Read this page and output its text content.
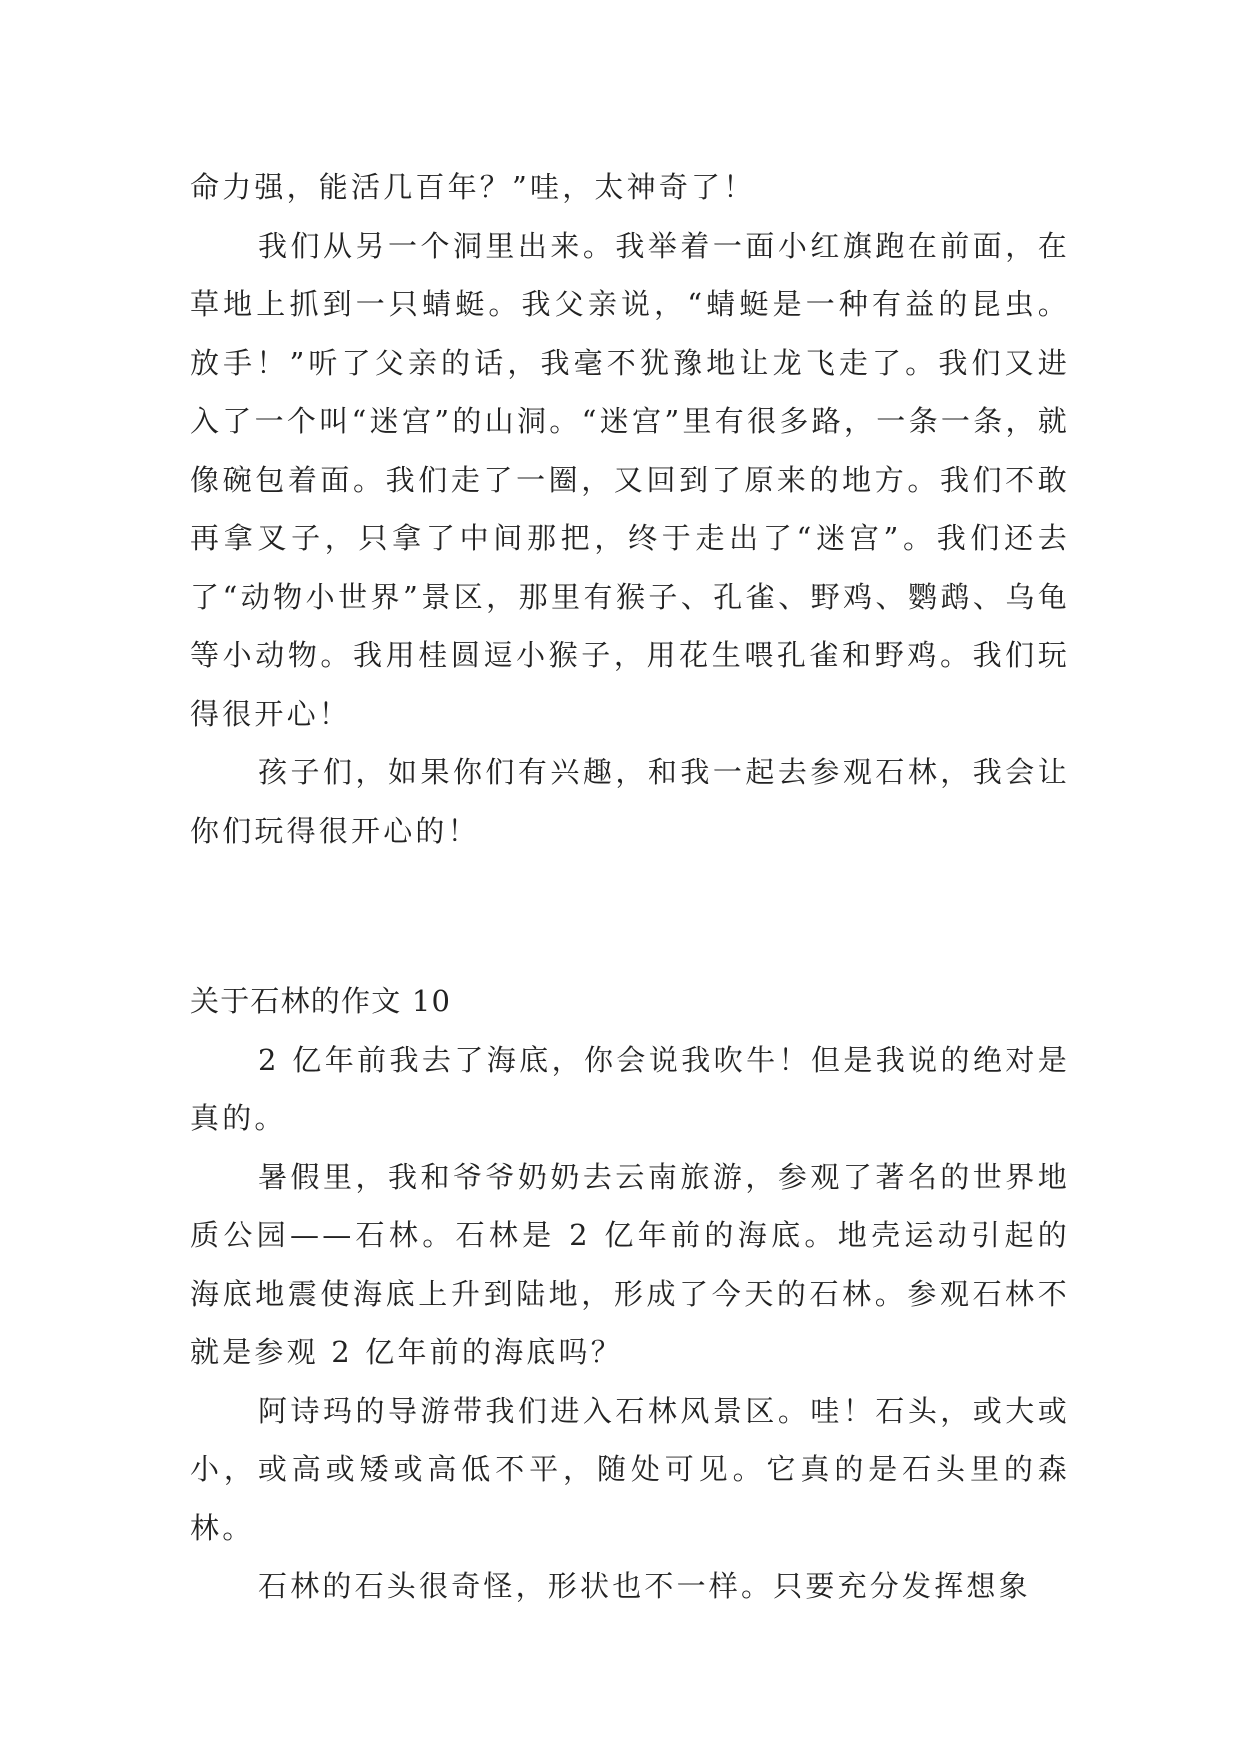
命力强，能活几百年？”哇，太神奇了！

我们从另一个洞里出来。我举着一面小红旗跑在前面，在草地上抓到一只蜻蜓。我父亲说，“蜻蜓是一种有益的昆虫。放手！”听了父亲的话，我毫不犹豫地让龙飞走了。我们又进入了一个叫“迷宫”的山洞。“迷宫”里有很多路，一条一条，就像碗包着面。我们走了一圈，又回到了原来的地方。我们不敢再拿叉子，只拿了中间那把，终于走出了“迷宫”。我们还去了“动物小世界”景区，那里有猴子、孔雀、野鸡、鹦鹉、乌龟等小动物。我用桂圆逗小猴子，用花生喂孔雀和野鸡。我们玩得很开心！

孩子们，如果你们有兴趣，和我一起去参观石林，我会让你们玩得很开心的！

关于石林的作文 10

2 亿年前我去了海底，你会说我吹牛！但是我说的绝对是真的。

暑假里，我和爷爷奶奶去云南旅游，参观了著名的世界地质公园——石林。石林是 2 亿年前的海底。地壳运动引起的海底地震使海底上升到陆地，形成了今天的石林。参观石林不就是参观 2 亿年前的海底吗？

阿诗玛的导游带我们进入石林风景区。哇！石头，或大或小，或高或矮或高低不平，随处可见。它真的是石头里的森林。

石林的石头很奇怪，形状也不一样。只要充分发挥想象
